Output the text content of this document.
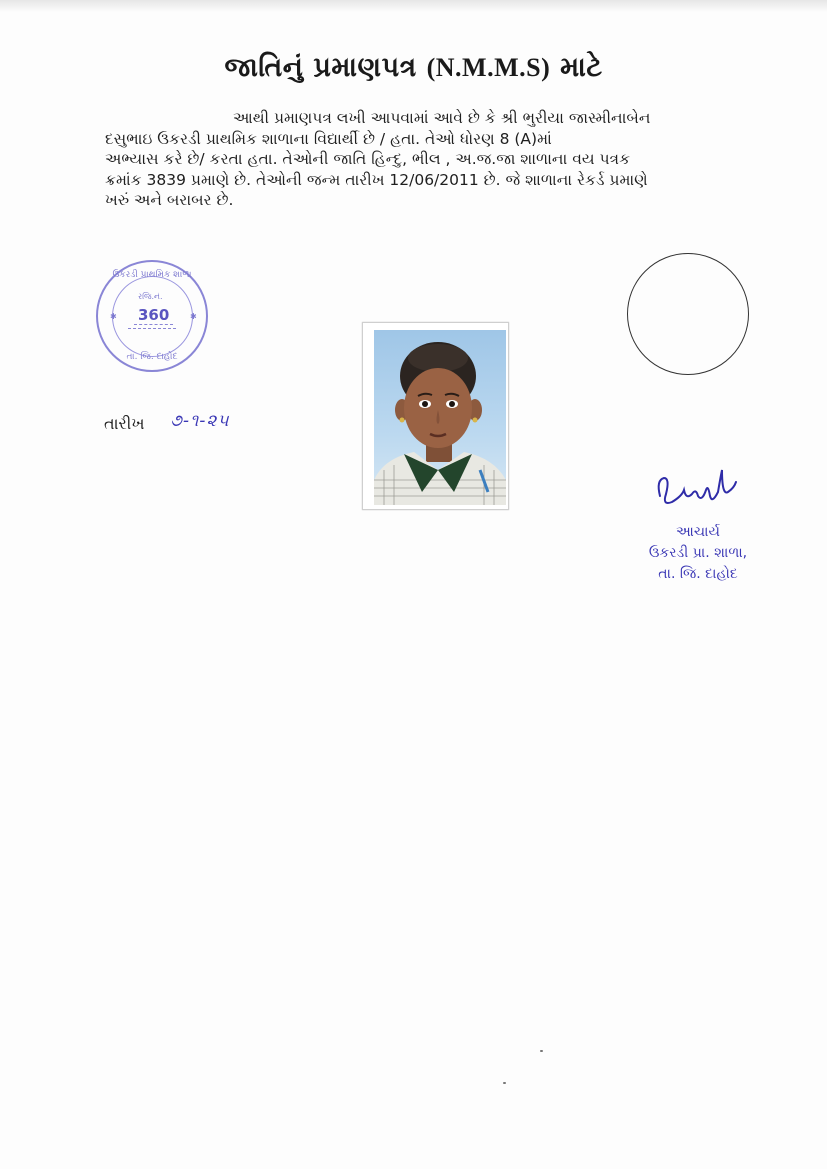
જાતિનું પ્રમાણપત્ર (N.M.M.S) માટે
આથી પ્રમાણપત્ર લખી આપવામાં આવે છે કે શ્રી ભુરીયા જાસ્મીનાબેન
દસુભાઇ ઉકરડી પ્રાથમિક શાળાના વિદ્યાર્થી છે / હતા. તેઓ ધોરણ 8 (A)માં
અભ્યાસ કરે છે/ કરતા હતા. તેઓની જાતિ હિન્દુ, ભીલ , અ.જ.જા શાળાના વય પત્રક
ક્રમાંક 3839 પ્રમાણે છે. તેઓની જન્મ તારીખ 12/06/2011 છે. જે શાળાના રેકર્ડ પ્રમાણે
ખરું અને બરાબર છે.
ઉકરડી પ્રાથમિક શાળા
તા. જિ. દાહોદ
રજિ.નં.
360
✱	✱
તારીખ ૭-૧-૨૫
આચાર્ય
ઉકરડી પ્રા. શાળા,
તા. જિ. દાહોદ
